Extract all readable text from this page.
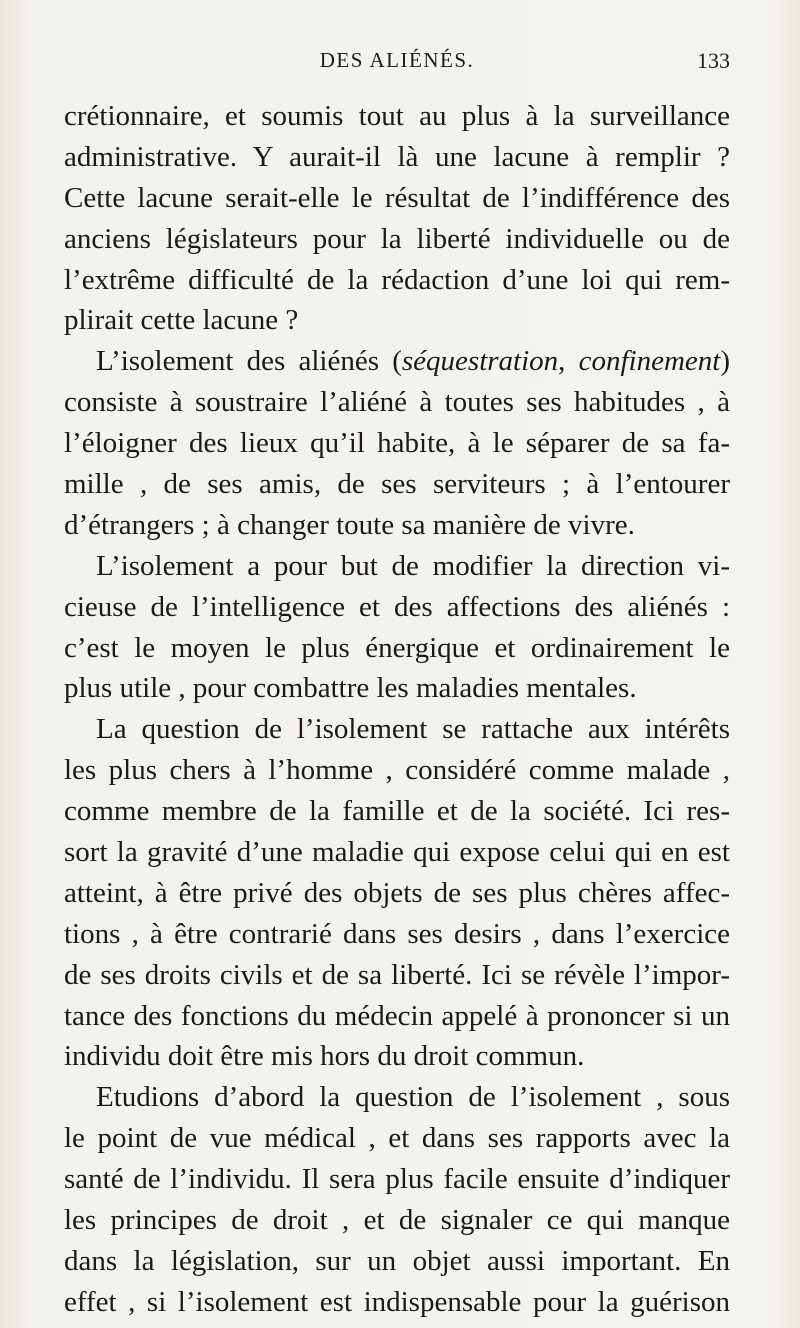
DES ALIÉNÉS.	133
crétionnaire, et soumis tout au plus à la surveillance
administrative. Y aurait-il là une lacune à remplir ?
Cette lacune serait-elle le résultat de l’indifférence des
anciens législateurs pour la liberté individuelle ou de
l’extrême difficulté de la rédaction d’une loi qui rem-
plirait cette lacune ?
L’isolement des aliénés (séquestration, confinement)
consiste à soustraire l’aliéné à toutes ses habitudes , à
l’éloigner des lieux qu’il habite, à le séparer de sa fa-
mille , de ses amis, de ses serviteurs ; à l’entourer
d’étrangers ; à changer toute sa manière de vivre.
L’isolement a pour but de modifier la direction vi-
cieuse de l’intelligence et des affections des aliénés :
c’est le moyen le plus énergique et ordinairement le
plus utile , pour combattre les maladies mentales.
La question de l’isolement se rattache aux intérêts
les plus chers à l’homme , considéré comme malade ,
comme membre de la famille et de la société. Ici res-
sort la gravité d’une maladie qui expose celui qui en est
atteint, à être privé des objets de ses plus chères affec-
tions , à être contrarié dans ses desirs , dans l’exercice
de ses droits civils et de sa liberté. Ici se révèle l’impor-
tance des fonctions du médecin appelé à prononcer si un
individu doit être mis hors du droit commun.
Etudions d’abord la question de l’isolement , sous
le point de vue médical , et dans ses rapports avec la
santé de l’individu. Il sera plus facile ensuite d’indiquer
les principes de droit , et de signaler ce qui manque
dans la législation, sur un objet aussi important. En
effet , si l’isolement est indispensable pour la guérison
